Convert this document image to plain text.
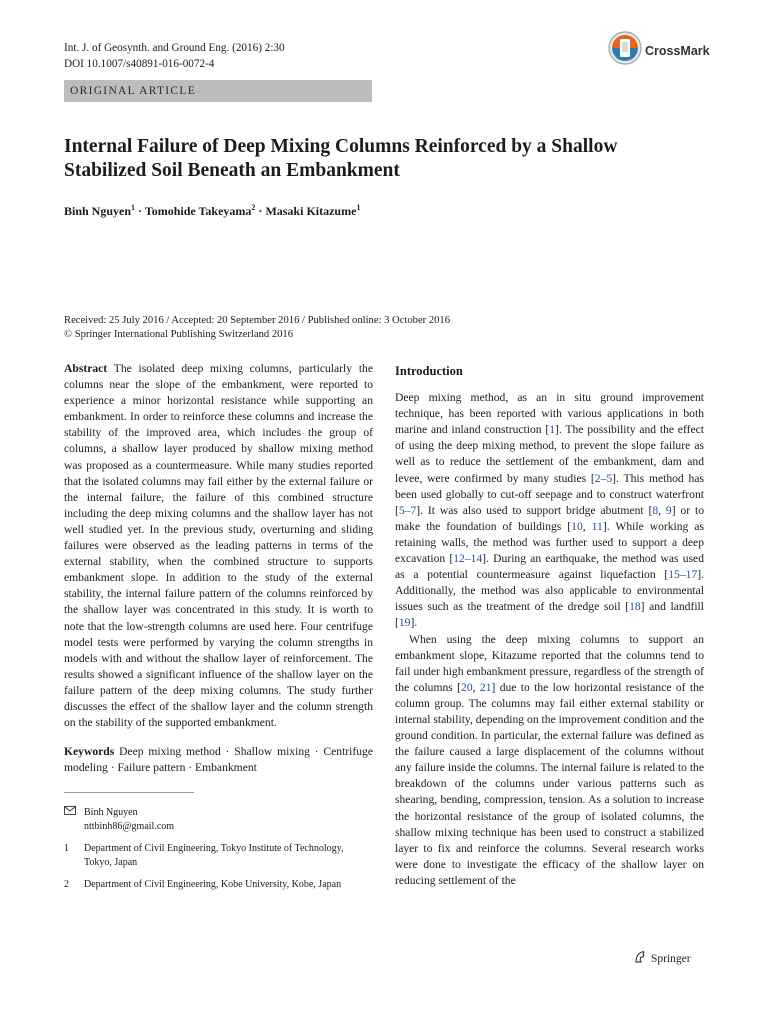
Int. J. of Geosynth. and Ground Eng. (2016) 2:30
DOI 10.1007/s40891-016-0072-4
CrossMark
ORIGINAL ARTICLE
Internal Failure of Deep Mixing Columns Reinforced by a Shallow
Stabilized Soil Beneath an Embankment
Binh Nguyen$^1$ · Tomohide Takeyama$^2$ · Masaki Kitazume$^1$
Received: 25 July 2016 / Accepted: 20 September 2016 / Published online: 3 October 2016
© Springer International Publishing Switzerland 2016
Abstract The isolated deep mixing columns, particularly the columns near the slope of the embankment, were reported to experience a minor horizontal resistance while supporting an embankment. In order to reinforce these columns and increase the stability of the improved area, which includes the group of columns, a shallow layer produced by shallow mixing method was proposed as a countermeasure. While many studies reported that the isolated columns may fail either by the external failure or the internal failure, the failure of this combined structure including the deep mixing columns and the shallow layer has not well studied yet. In the previous study, overturning and sliding failures were observed as the leading patterns in terms of the external stability, when the combined structure to supports embankment slope. In addition to the study of the external stability, the internal failure pattern of the columns reinforced by the shallow layer was concentrated in this study. It is worth to note that the low-strength columns are used here. Four centrifuge model tests were performed by varying the column strengths in models with and without the shallow layer of reinforcement. The results showed a significant influence of the shallow layer on the failure pattern of the deep mixing columns. The study further discusses the effect of the shallow layer and the column strength on the stability of the supported embankment.
Keywords Deep mixing method · Shallow mixing · Centrifuge modeling · Failure pattern · Embankment
Binh Nguyen
nttbinh86@gmail.com
1	Department of Civil Engineering, Tokyo Institute of Technology, Tokyo, Japan
2	Department of Civil Engineering, Kobe University, Kobe, Japan
Introduction
Deep mixing method, as an in situ ground improvement technique, has been reported with various applications in both marine and inland construction [1]. The possibility and the effect of using the deep mixing method, to prevent the slope failure as well as to reduce the settlement of the embankment, dam and levee, were confirmed by many studies [2–5]. This method has been used globally to cut-off seepage and to construct waterfront [5–7]. It was also used to support bridge abutment [8, 9] or to make the foundation of buildings [10, 11]. While working as retaining walls, the method was further used to support a deep excavation [12–14]. During an earthquake, the method was used as a potential countermeasure against liquefaction [15–17]. Additionally, the method was also applicable to environmental issues such as the treatment of the dredge soil [18] and landfill [19].
When using the deep mixing columns to support an embankment slope, Kitazume reported that the columns tend to fail under high embankment pressure, regardless of the strength of the columns [20, 21] due to the low horizontal resistance of the column group. The columns may fail either external stability or internal stability, depending on the improvement condition and the ground condition. In particular, the external failure was defined as the failure caused a large displacement of the columns without any failure inside the columns. The internal failure is related to the breakdown of the columns under various patterns such as shearing, bending, compression, tension. As a solution to increase the horizontal resistance of the group of isolated columns, the shallow mixing technique has been used to construct a stabilized layer to fix and reinforce the columns. Several research works were done to investigate the efficacy of the shallow layer on reducing settlement of the
Springer
